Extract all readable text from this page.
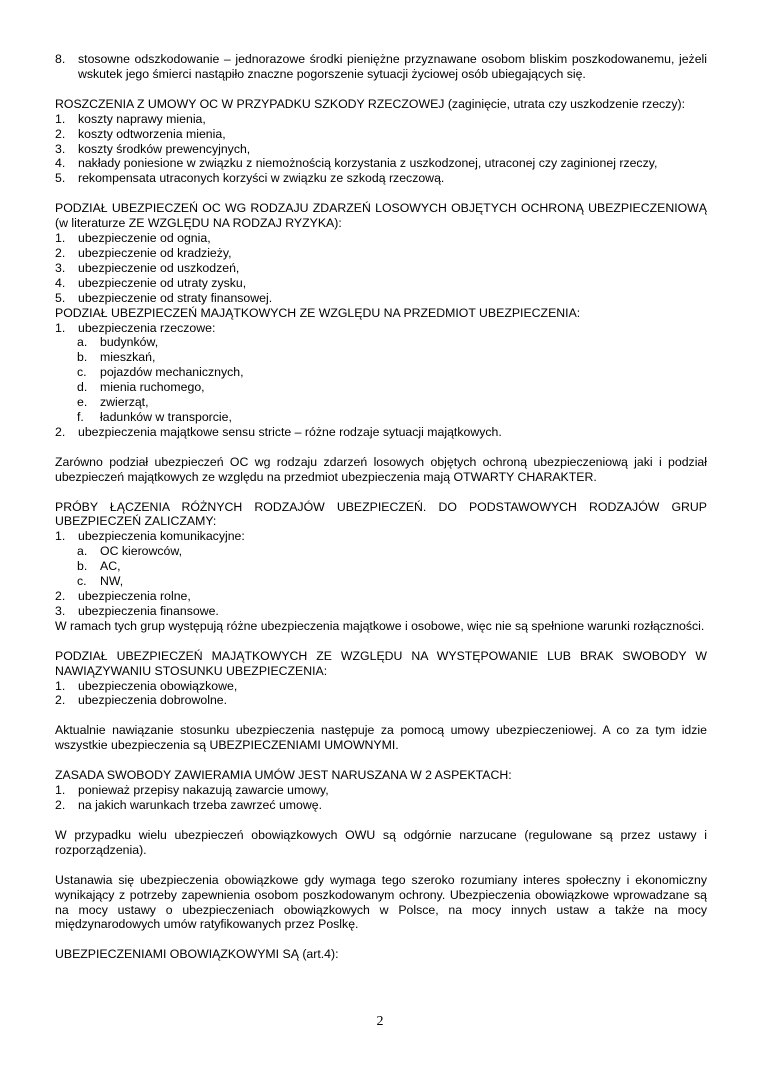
8. stosowne odszkodowanie – jednorazowe środki pieniężne przyznawane osobom bliskim poszkodowanemu, jeżeli wskutek jego śmierci nastąpiło znaczne pogorszenie sytuacji życiowej osób ubiegających się.

ROSZCZENIA Z UMOWY OC W PRZYPADKU SZKODY RZECZOWEJ (zaginięcie, utrata czy uszkodzenie rzeczy):

1. koszty naprawy mienia,
2. koszty odtworzenia mienia,
3. koszty środków prewencyjnych,
4. nakłady poniesione w związku z niemożnością korzystania z uszkodzonej, utraconej czy zaginionej rzeczy,
5. rekompensata utraconych korzyści w związku ze szkodą rzeczową.

PODZIAŁ UBEZPIECZEŃ OC WG RODZAJU ZDARZEŃ LOSOWYCH OBJĘTYCH OCHRONĄ UBEZPIECZENIOWĄ (w literaturze ZE WZGLĘDU NA RODZAJ RYZYKA):

1. ubezpieczenie od ognia,
2. ubezpieczenie od kradzieży,
3. ubezpieczenie od uszkodzeń,
4. ubezpieczenie od utraty zysku,
5. ubezpieczenie od straty finansowej.

PODZIAŁ UBEZPIECZEŃ MAJĄTKOWYCH ZE WZGLĘDU NA PRZEDMIOT UBEZPIECZENIA:

1. ubezpieczenia rzeczowe:
a. budynków,
b. mieszkań,
c. pojazdów mechanicznych,
d. mienia ruchomego,
e. zwierząt,
f. ładunków w transporcie,
2. ubezpieczenia majątkowe sensu stricte – różne rodzaje sytuacji majątkowych.

Zarówno podział ubezpieczeń OC wg rodzaju zdarzeń losowych objętych ochroną ubezpieczeniową jaki i podział ubezpieczeń majątkowych ze względu na przedmiot ubezpieczenia mają OTWARTY CHARAKTER.

PRÓBY ŁĄCZENIA RÓŻNYCH RODZAJÓW UBEZPIECZEŃ. DO PODSTAWOWYCH RODZAJÓW GRUP UBEZPIECZEŃ ZALICZAMY:

1. ubezpieczenia komunikacyjne:
a. OC kierowców,
b. AC,
c. NW,
2. ubezpieczenia rolne,
3. ubezpieczenia finansowe.

W ramach tych grup występują różne ubezpieczenia majątkowe i osobowe, więc nie są spełnione warunki rozłączności.

PODZIAŁ UBEZPIECZEŃ MAJĄTKOWYCH ZE WZGLĘDU NA WYSTĘPOWANIE LUB BRAK SWOBODY W NAWIĄZYWANIU STOSUNKU UBEZPIECZENIA:

1. ubezpieczenia obowiązkowe,
2. ubezpieczenia dobrowolne.

Aktualnie nawiązanie stosunku ubezpieczenia następuje za pomocą umowy ubezpieczeniowej. A co za tym idzie wszystkie ubezpieczenia są UBEZPIECZENIAMI UMOWNYMI.

ZASADA SWOBODY ZAWIERAMIA UMÓW JEST NARUSZANA W 2 ASPEKTACH:

1. ponieważ przepisy nakazują zawarcie umowy,
2. na jakich warunkach trzeba zawrzeć umowę.

W przypadku wielu ubezpieczeń obowiązkowych OWU są odgórnie narzucane (regulowane są przez ustawy i rozporządzenia).

Ustanawia się ubezpieczenia obowiązkowe gdy wymaga tego szeroko rozumiany interes społeczny i ekonomiczny wynikający z potrzeby zapewnienia osobom poszkodowanym ochrony. Ubezpieczenia obowiązkowe wprowadzane są na mocy ustawy o ubezpieczeniach obowiązkowych w Polsce, na mocy innych ustaw a także na mocy międzynarodowych umów ratyfikowanych przez Poslkę.

UBEZPIECZENIAMI OBOWIĄZKOWYMI SĄ (art.4):

2
